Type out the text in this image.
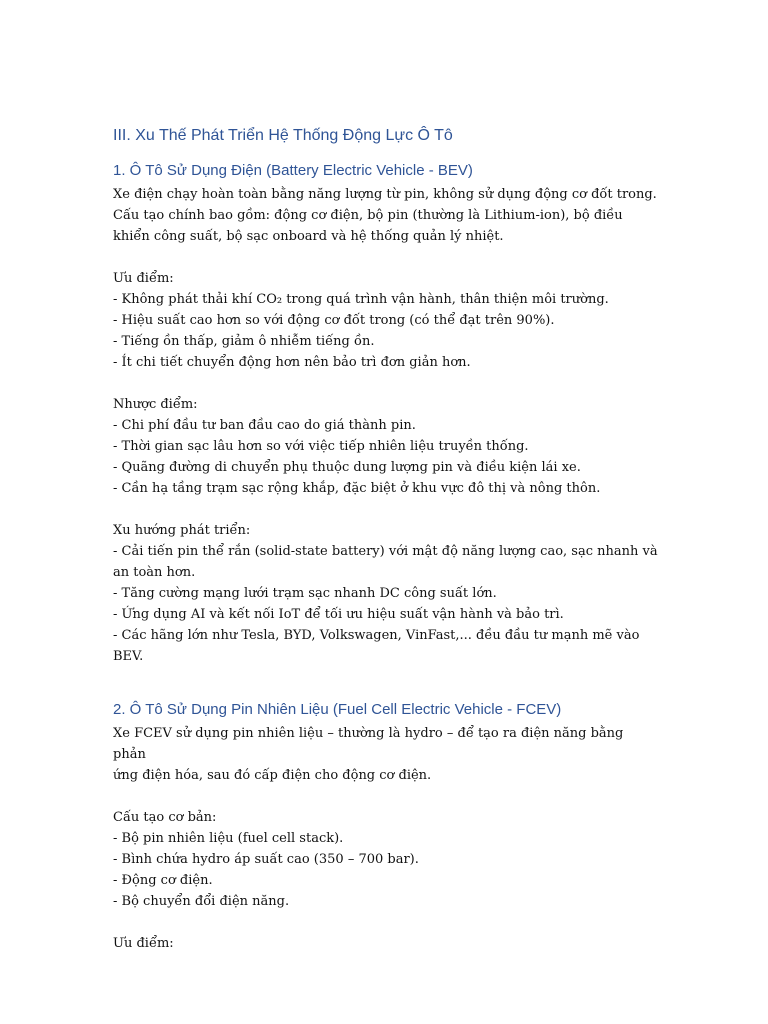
III. Xu Thế Phát Triển Hệ Thống Động Lực Ô Tô
1. Ô Tô Sử Dụng Điện (Battery Electric Vehicle - BEV)
Xe điện chạy hoàn toàn bằng năng lượng từ pin, không sử dụng động cơ đốt trong.
Cấu tạo chính bao gồm: động cơ điện, bộ pin (thường là Lithium-ion), bộ điều
khiển công suất, bộ sạc onboard và hệ thống quản lý nhiệt.
Ưu điểm:
- Không phát thải khí CO₂ trong quá trình vận hành, thân thiện môi trường.
- Hiệu suất cao hơn so với động cơ đốt trong (có thể đạt trên 90%).
- Tiếng ồn thấp, giảm ô nhiễm tiếng ồn.
- Ít chi tiết chuyển động hơn nên bảo trì đơn giản hơn.
Nhược điểm:
- Chi phí đầu tư ban đầu cao do giá thành pin.
- Thời gian sạc lâu hơn so với việc tiếp nhiên liệu truyền thống.
- Quãng đường di chuyển phụ thuộc dung lượng pin và điều kiện lái xe.
- Cần hạ tầng trạm sạc rộng khắp, đặc biệt ở khu vực đô thị và nông thôn.
Xu hướng phát triển:
- Cải tiến pin thể rắn (solid-state battery) với mật độ năng lượng cao, sạc nhanh và
an toàn hơn.
- Tăng cường mạng lưới trạm sạc nhanh DC công suất lớn.
- Ứng dụng AI và kết nối IoT để tối ưu hiệu suất vận hành và bảo trì.
- Các hãng lớn như Tesla, BYD, Volkswagen, VinFast,... đều đầu tư mạnh mẽ vào
BEV.
2. Ô Tô Sử Dụng Pin Nhiên Liệu (Fuel Cell Electric Vehicle - FCEV)
Xe FCEV sử dụng pin nhiên liệu – thường là hydro – để tạo ra điện năng bằng phản
ứng điện hóa, sau đó cấp điện cho động cơ điện.
Cấu tạo cơ bản:
- Bộ pin nhiên liệu (fuel cell stack).
- Bình chứa hydro áp suất cao (350 – 700 bar).
- Động cơ điện.
- Bộ chuyển đổi điện năng.
Ưu điểm:
